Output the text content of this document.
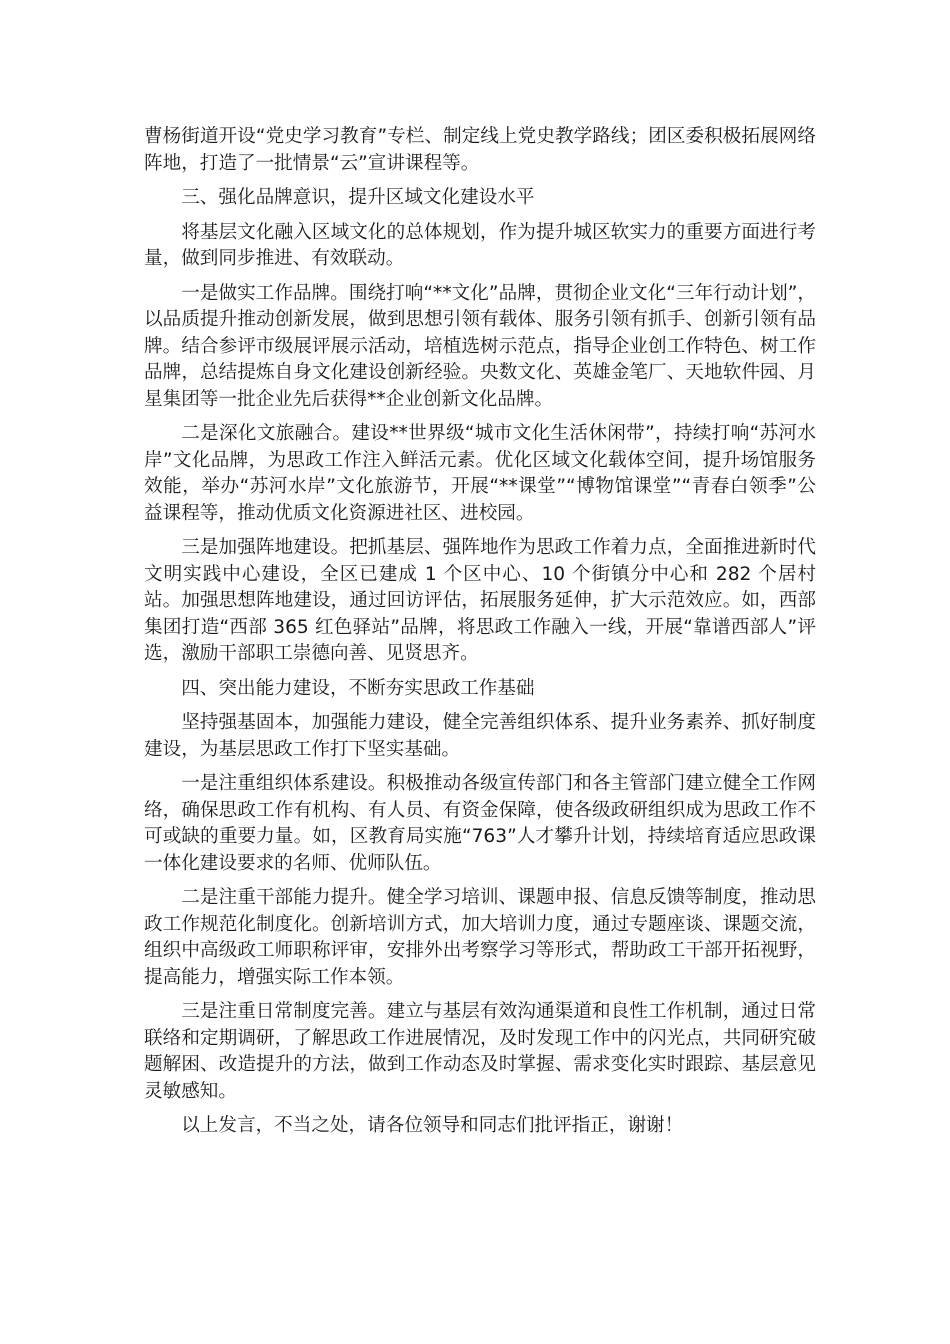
曹杨街道开设“党史学习教育”专栏、制定线上党史教学路线；团区委积极拓展网络阵地，打造了一批情景“云”宣讲课程等。

三、强化品牌意识，提升区域文化建设水平

将基层文化融入区域文化的总体规划，作为提升城区软实力的重要方面进行考量，做到同步推进、有效联动。

一是做实工作品牌。围绕打响“**文化”品牌，贯彻企业文化“三年行动计划”，以品质提升推动创新发展，做到思想引领有载体、服务引领有抓手、创新引领有品牌。结合参评市级展评展示活动，培植选树示范点，指导企业创工作特色、树工作品牌，总结提炼自身文化建设创新经验。央数文化、英雄金笔厂、天地软件园、月星集团等一批企业先后获得**企业创新文化品牌。

二是深化文旅融合。建设**世界级“城市文化生活休闲带”，持续打响“苏河水岸”文化品牌，为思政工作注入鲜活元素。优化区域文化载体空间，提升场馆服务效能，举办“苏河水岸”文化旅游节，开展“**课堂”“博物馆课堂”“青春白领季”公益课程等，推动优质文化资源进社区、进校园。

三是加强阵地建设。把抓基层、强阵地作为思政工作着力点，全面推进新时代文明实践中心建设，全区已建成 1 个区中心、10 个街镇分中心和 282 个居村站。加强思想阵地建设，通过回访评估，拓展服务延伸，扩大示范效应。如，西部集团打造“西部 365 红色驿站”品牌，将思政工作融入一线，开展“靠谱西部人”评选，激励干部职工崇德向善、见贤思齐。

四、突出能力建设，不断夯实思政工作基础

坚持强基固本，加强能力建设，健全完善组织体系、提升业务素养、抓好制度建设，为基层思政工作打下坚实基础。

一是注重组织体系建设。积极推动各级宣传部门和各主管部门建立健全工作网络，确保思政工作有机构、有人员、有资金保障，使各级政研组织成为思政工作不可或缺的重要力量。如，区教育局实施“763”人才攀升计划，持续培育适应思政课一体化建设要求的名师、优师队伍。

二是注重干部能力提升。健全学习培训、课题申报、信息反馈等制度，推动思政工作规范化制度化。创新培训方式，加大培训力度，通过专题座谈、课题交流，组织中高级政工师职称评审，安排外出考察学习等形式，帮助政工干部开拓视野，提高能力，增强实际工作本领。

三是注重日常制度完善。建立与基层有效沟通渠道和良性工作机制，通过日常联络和定期调研，了解思政工作进展情况，及时发现工作中的闪光点，共同研究破题解困、改造提升的方法，做到工作动态及时掌握、需求变化实时跟踪、基层意见灵敏感知。

以上发言，不当之处，请各位领导和同志们批评指正，谢谢！
